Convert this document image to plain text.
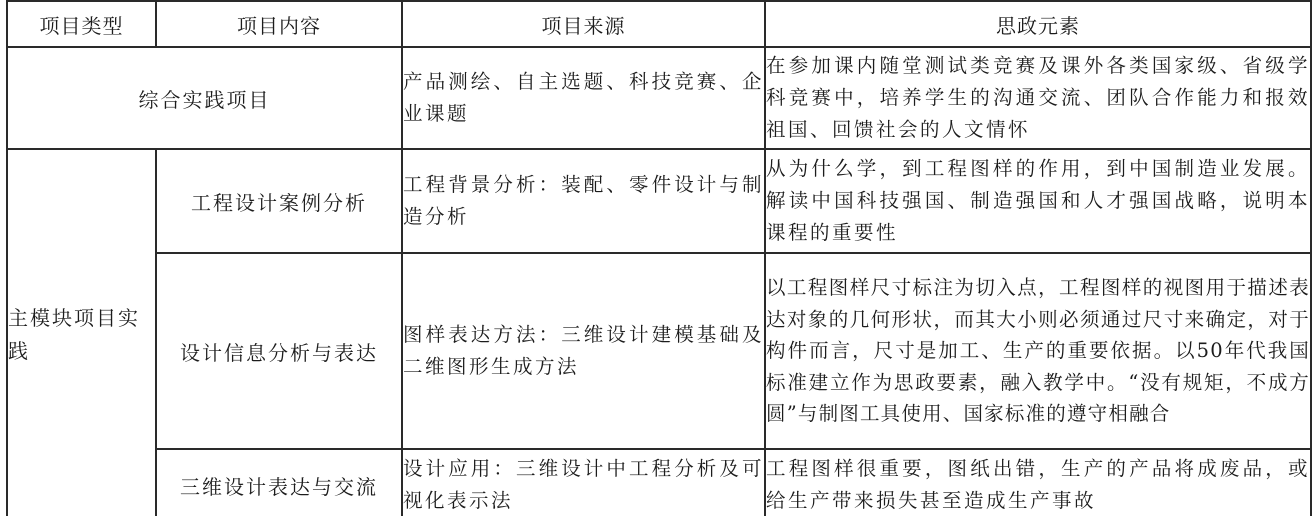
项目类型	项目内容	项目来源	思政元素
综合实践项目		产品测绘、自主选题、科技竞赛、企业课题	在参加课内随堂测试类竞赛及课外各类国家级、省级学科竞赛中，培养学生的沟通交流、团队合作能力和报效祖国、回馈社会的人文情怀
主模块项目实践	工程设计案例分析	工程背景分析：装配、零件设计与制造分析	从为什么学，到工程图样的作用，到中国制造业发展。解读中国科技强国、制造强国和人才强国战略，说明本课程的重要性
	设计信息分析与表达	图样表达方法：三维设计建模基础及二维图形生成方法	以工程图样尺寸标注为切入点，工程图样的视图用于描述表达对象的几何形状，而其大小则必须通过尺寸来确定，对于构件而言，尺寸是加工、生产的重要依据。以50年代我国标准建立作为思政要素，融入教学中。“没有规矩，不成方圆”与制图工具使用、国家标准的遵守相融合
	三维设计表达与交流	设计应用：三维设计中工程分析及可视化表示法	工程图样很重要，图纸出错，生产的产品将成废品，或给生产带来损失甚至造成生产事故
